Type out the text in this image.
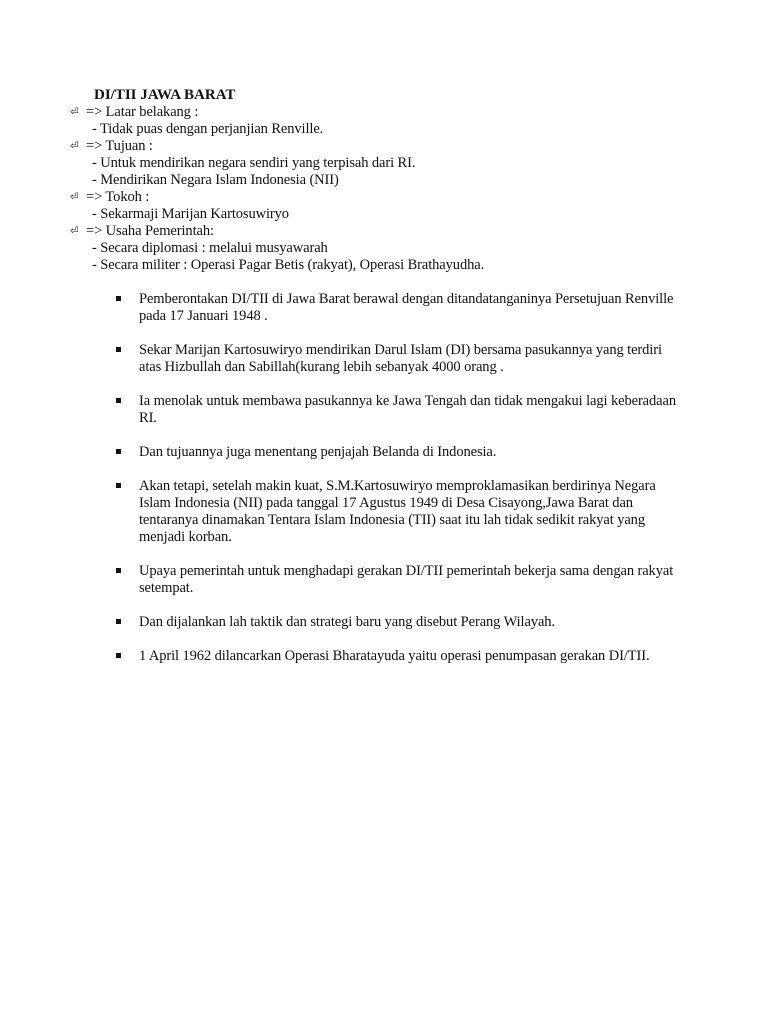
DI/TII JAWA BARAT
⏎ => Latar belakang :
- Tidak puas dengan perjanjian Renville.
⏎ => Tujuan :
- Untuk mendirikan negara sendiri yang terpisah dari RI.
- Mendirikan Negara Islam Indonesia (NII)
⏎ => Tokoh :
- Sekarmaji Marijan Kartosuwiryo
⏎ => Usaha Pemerintah:
- Secara diplomasi : melalui musyawarah
- Secara militer : Operasi Pagar Betis (rakyat), Operasi Brathayudha.
Pemberontakan DI/TII di Jawa Barat berawal dengan ditandatanganinya Persetujuan Renville pada 17 Januari 1948 .
Sekar Marijan Kartosuwiryo mendirikan Darul Islam (DI) bersama pasukannya yang terdiri atas Hizbullah dan Sabillah(kurang lebih sebanyak 4000 orang .
Ia menolak untuk membawa pasukannya ke Jawa Tengah dan tidak mengakui lagi keberadaan RI.
Dan tujuannya juga menentang penjajah Belanda di Indonesia.
Akan tetapi, setelah makin kuat, S.M.Kartosuwiryo memproklamasikan berdirinya Negara Islam Indonesia (NII) pada tanggal 17 Agustus 1949 di Desa Cisayong,Jawa Barat dan tentaranya dinamakan Tentara Islam Indonesia (TII) saat itu lah tidak sedikit rakyat yang menjadi korban.
Upaya pemerintah untuk menghadapi gerakan DI/TII pemerintah bekerja sama dengan rakyat setempat.
Dan dijalankan lah taktik dan strategi baru yang disebut Perang Wilayah.
1 April 1962 dilancarkan Operasi Bharatayuda yaitu operasi penumpasan gerakan DI/TII.
